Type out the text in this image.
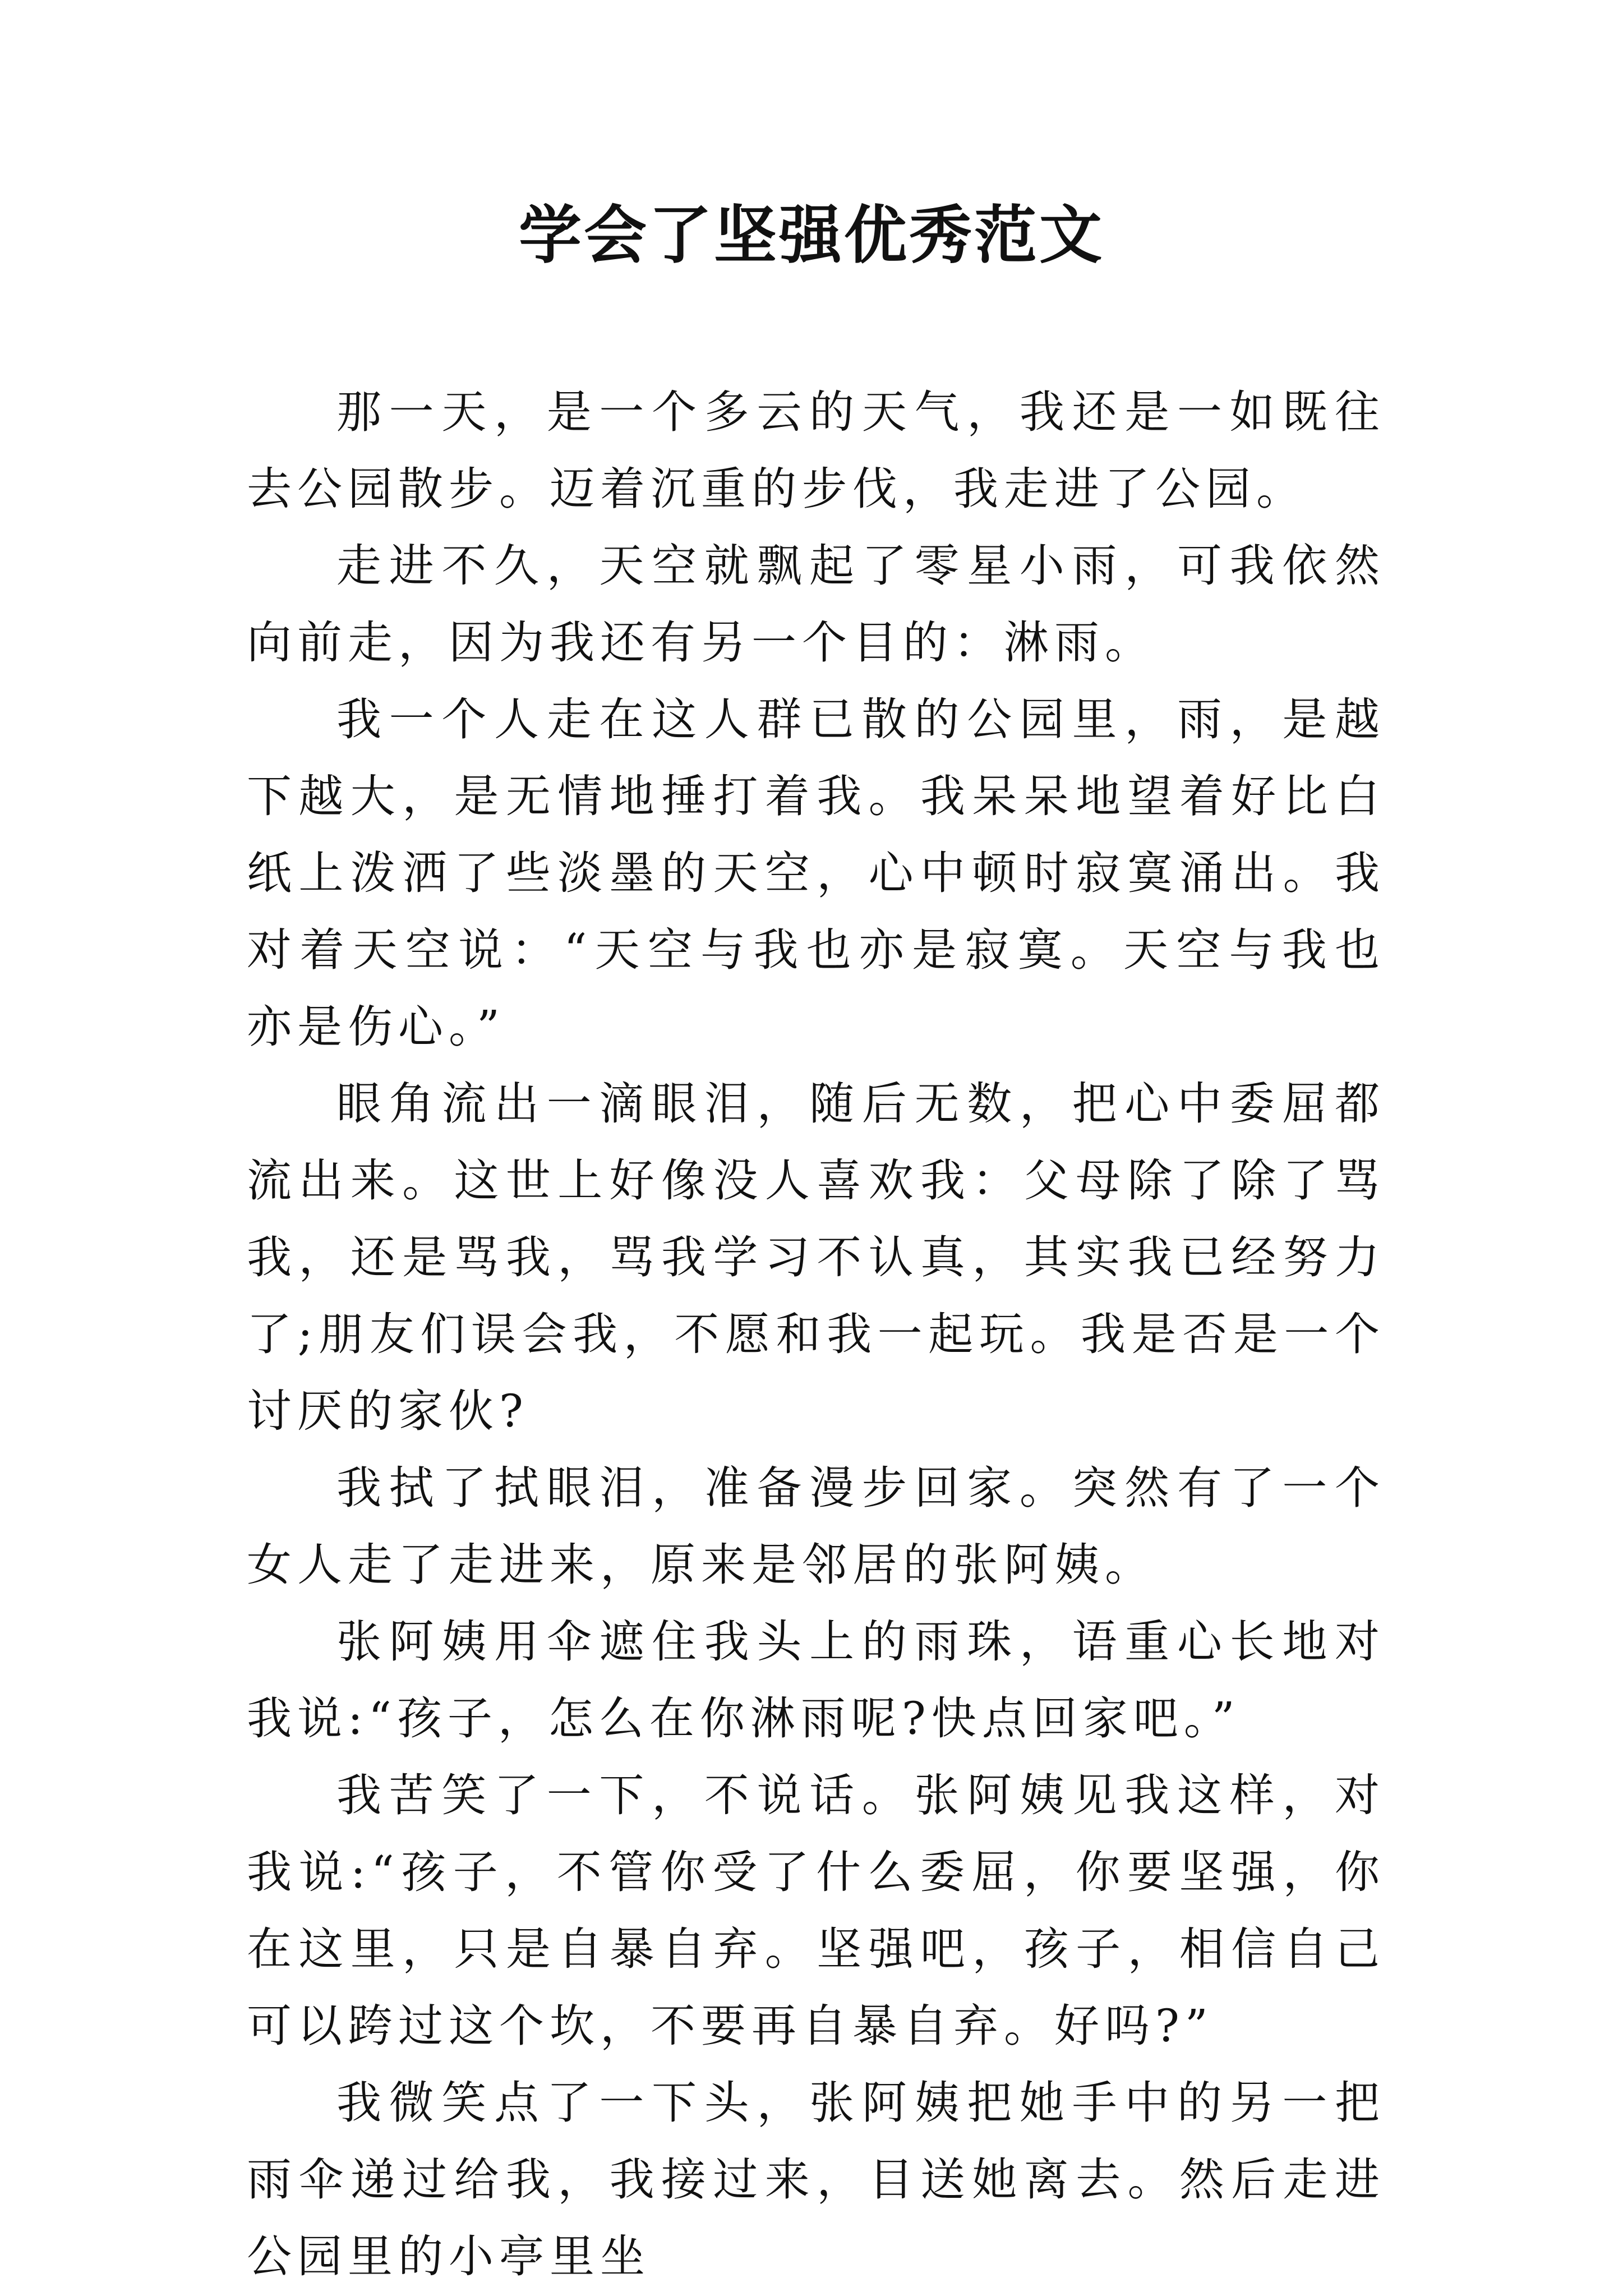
学会了坚强优秀范文

那一天，是一个多云的天气，我还是一如既往去公园散步。迈着沉重的步伐，我走进了公园。

走进不久，天空就飘起了零星小雨，可我依然向前走，因为我还有另一个目的：淋雨。

我一个人走在这人群已散的公园里，雨，是越下越大，是无情地捶打着我。我呆呆地望着好比白纸上泼洒了些淡墨的天空，心中顿时寂寞涌出。我对着天空说：“天空与我也亦是寂寞。天空与我也亦是伤心。”

眼角流出一滴眼泪，随后无数，把心中委屈都流出来。这世上好像没人喜欢我：父母除了除了骂我，还是骂我，骂我学习不认真，其实我已经努力了;朋友们误会我，不愿和我一起玩。我是否是一个讨厌的家伙?

我拭了拭眼泪，准备漫步回家。突然有了一个女人走了走进来，原来是邻居的张阿姨。

张阿姨用伞遮住我头上的雨珠，语重心长地对我说:“孩子，怎么在你淋雨呢?快点回家吧。”

我苦笑了一下，不说话。张阿姨见我这样，对我说:“孩子，不管你受了什么委屈，你要坚强，你在这里，只是自暴自弃。坚强吧，孩子，相信自己可以跨过这个坎，不要再自暴自弃。好吗?”

我微笑点了一下头，张阿姨把她手中的另一把雨伞递过给我，我接过来，目送她离去。然后走进公园里的小亭里坐
